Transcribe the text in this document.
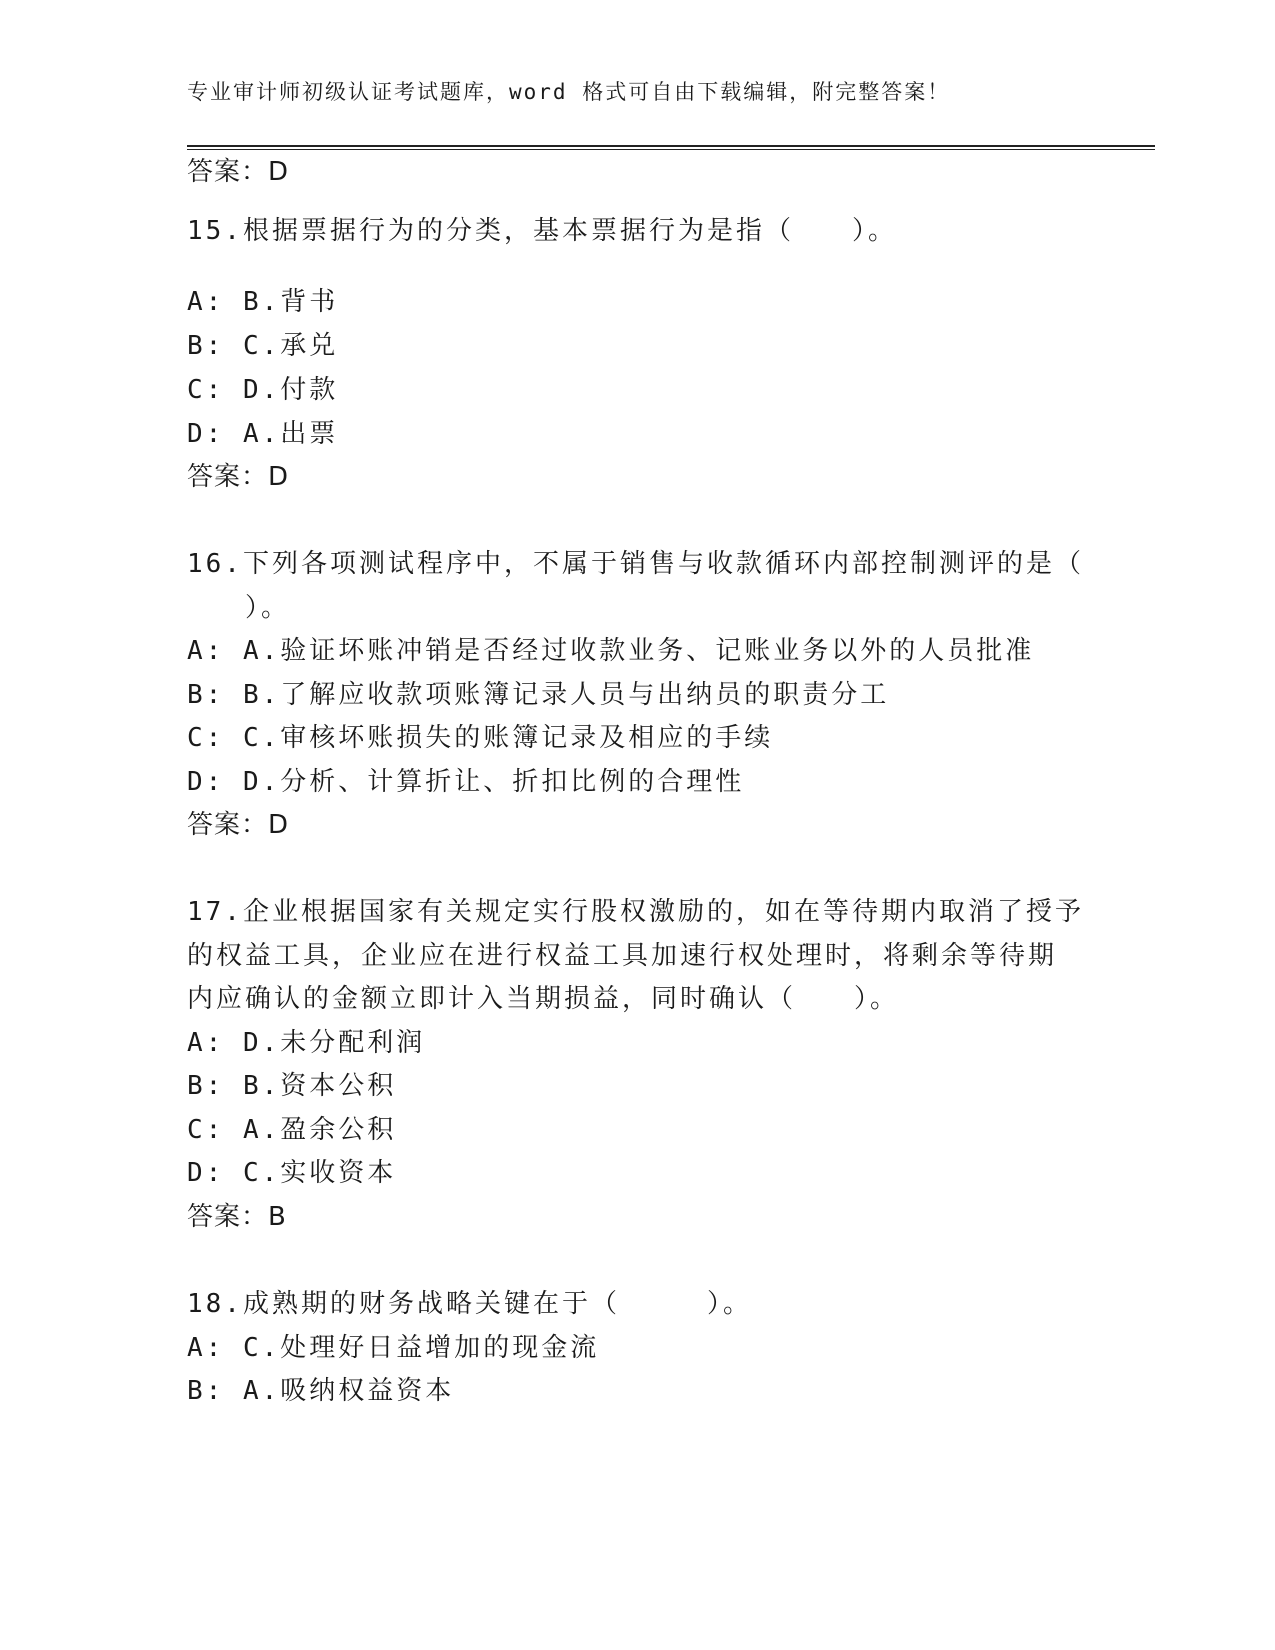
专业审计师初级认证考试题库，word 格式可自由下载编辑，附完整答案！
答案：D
15.根据票据行为的分类，基本票据行为是指（　　）。
A: B.背书
B: C.承兑
C: D.付款
D: A.出票
答案：D
16.下列各项测试程序中，不属于销售与收款循环内部控制测评的是（
　　）。
A: A.验证坏账冲销是否经过收款业务、记账业务以外的人员批准
B: B.了解应收款项账簿记录人员与出纳员的职责分工
C: C.审核坏账损失的账簿记录及相应的手续
D: D.分析、计算折让、折扣比例的合理性
答案：D
17.企业根据国家有关规定实行股权激励的，如在等待期内取消了授予
的权益工具，企业应在进行权益工具加速行权处理时，将剩余等待期
内应确认的金额立即计入当期损益，同时确认（　　）。
A: D.未分配利润
B: B.资本公积
C: A.盈余公积
D: C.实收资本
答案：B
18.成熟期的财务战略关键在于（　　　）。
A: C.处理好日益增加的现金流
B: A.吸纳权益资本
